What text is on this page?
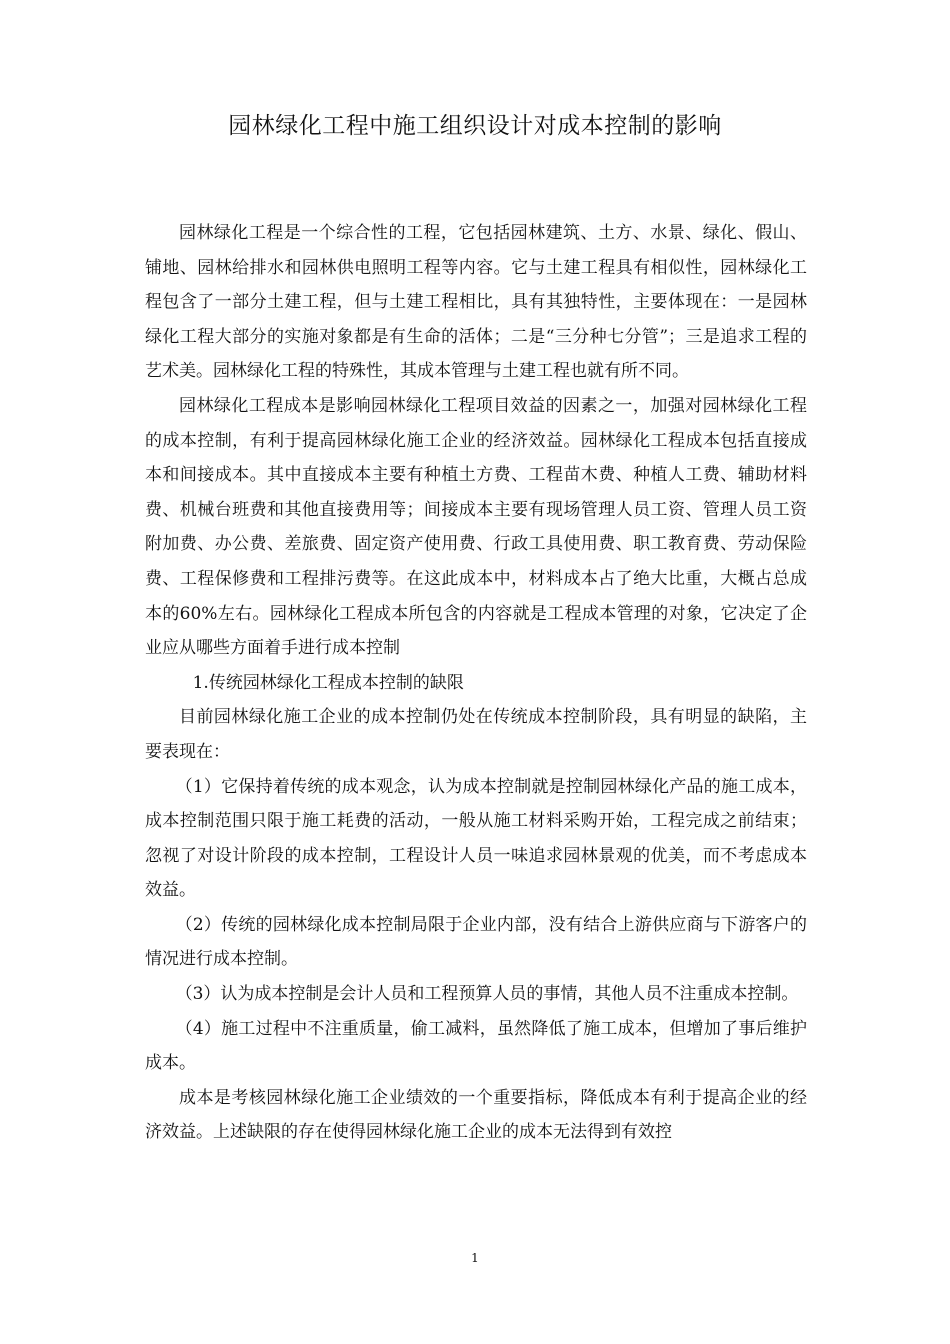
园林绿化工程中施工组织设计对成本控制的影响

园林绿化工程是一个综合性的工程，它包括园林建筑、土方、水景、绿化、假山、铺地、园林给排水和园林供电照明工程等内容。它与土建工程具有相似性，园林绿化工程包含了一部分土建工程，但与土建工程相比，具有其独特性，主要体现在：一是园林绿化工程大部分的实施对象都是有生命的活体；二是“三分种七分管”；三是追求工程的艺术美。园林绿化工程的特殊性，其成本管理与土建工程也就有所不同。

园林绿化工程成本是影响园林绿化工程项目效益的因素之一，加强对园林绿化工程的成本控制，有利于提高园林绿化施工企业的经济效益。园林绿化工程成本包括直接成本和间接成本。其中直接成本主要有种植土方费、工程苗木费、种植人工费、辅助材料费、机械台班费和其他直接费用等；间接成本主要有现场管理人员工资、管理人员工资附加费、办公费、差旅费、固定资产使用费、行政工具使用费、职工教育费、劳动保险费、工程保修费和工程排污费等。在这此成本中，材料成本占了绝大比重，大概占总成本的60%左右。园林绿化工程成本所包含的内容就是工程成本管理的对象，它决定了企业应从哪些方面着手进行成本控制

1.传统园林绿化工程成本控制的缺限

目前园林绿化施工企业的成本控制仍处在传统成本控制阶段，具有明显的缺陷，主要表现在：

（1）它保持着传统的成本观念，认为成本控制就是控制园林绿化产品的施工成本，成本控制范围只限于施工耗费的活动，一般从施工材料采购开始，工程完成之前结束；忽视了对设计阶段的成本控制，工程设计人员一味追求园林景观的优美，而不考虑成本效益。

（2）传统的园林绿化成本控制局限于企业内部，没有结合上游供应商与下游客户的情况进行成本控制。

（3）认为成本控制是会计人员和工程预算人员的事情，其他人员不注重成本控制。

（4）施工过程中不注重质量，偷工减料，虽然降低了施工成本，但增加了事后维护成本。

成本是考核园林绿化施工企业绩效的一个重要指标，降低成本有利于提高企业的经济效益。上述缺限的存在使得园林绿化施工企业的成本无法得到有效控

1
